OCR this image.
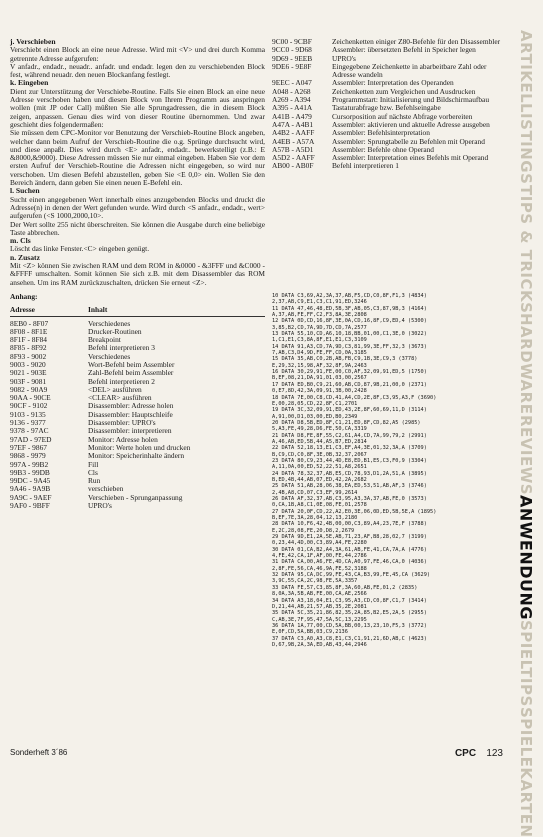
j. Verschieben

Verschiebt einen Block an eine neue Adresse. Wird mit <V> und drei durch Komma getrennte Adresse aufgerufen:

V anfadr., endadr., neuadr.. anfadr. und endadr. legen den zu verschiebenden Block fest, während neuadr. den neuen Blockanfang festlegt.

k. Eingeben

Dient zur Unterstützung der Verschiebe-Routine. Falls Sie einen Block an eine neue Adresse verschoben haben und diesen Block von Ihrem Programm aus anspringen wollen (mit JP oder Call) müßten Sie alle Sprungadressen, die in diesem Block zeigen, anpassen. Genau dies wird von dieser Routine übernommen. Und zwar geschieht dies folgendermaßen:

Sie müssen dem CPC-Monitor vor Benutzung der Verschieb-Routine Block angeben, welcher dann beim Aufruf der Verschieb-Routine die o.g. Sprünge durchsucht wird, und diese anpaßt. Dies wird durch <E> anfadr., endadr.. bewerkstelligt (z.B.: E &8000,&9000). Diese Adressen müssen Sie nur einmal eingeben. Haben Sie vor dem ersten Aufruf der Verschieb-Routine die Adressen nicht eingegeben, so wird nur verschoben. Um diesen Befehl abzustellen, geben Sie <E 0,0> ein. Wollen Sie den Bereich ändern, dann geben Sie einen neuen E-Befehl ein.

l. Suchen

Sucht einen angegebenen Wert innerhalb eines anzugebenden Blocks und druckt die Adresse(n) in denen der Wert gefunden wurde. Wird durch <S anfadr., endadr., wert> aufgerufen (<S 1000,2000,10>.

Der Wert sollte 255 nicht überschreiten. Sie können die Ausgabe durch eine beliebige Taste abbrechen.

m. Cls

Löscht das linke Fenster.<C> eingeben genügt.

n. Zusatz

Mit <Z> können Sie zwischen RAM und dem ROM in &0000 - &3FFF und &C000 - &FFFF umschalten. Somit können Sie sich z.B. mit dem Disassembler das ROM ansehen. Um ins RAM zurückzuschalten, drücken Sie erneut <Z>.

Anhang:

Adresse	Inhalt
8EB0 - 8F07	Verschiedenes
8F08 - 8F1E	Drucker-Routinen
8F1F - 8F84	Breakpoint
8F85 - 8F92	Befehl interpretieren 3
8F93 - 9002	Verschiedenes
9003 - 9020	Wort-Befehl beim Assembler
9021 - 903E	Zahl-Befehl beim Assembler
903F - 9081	Befehl interpretieren 2
9082 - 90A9	<DEL> ausführen
90AA - 90CE	<CLEAR> ausführen
90CF - 9102	Disassembler: Adresse holen
9103 - 9135	Disassembler: Hauptschleife
9136 - 9377	Disassembler: UPRO's
9378 - 97AC	Disassembler: interpretieren
97AD - 97ED	Monitor: Adresse holen
97EF - 9867	Monitor: Werte holen und drucken
9868 - 9979	Monitor: Speicherinhalte ändern
997A - 99B2	Fill
99B3 - 99DB	Cls
99DC - 9A45	Run
9A46 - 9A9B	verschieben
9A9C - 9AEF	Verschieben - Sprunganpassung
9AF0 - 9BFF	UPRO's
9C00 - 9CBF	Zeichenketten einiger Z80-Befehle für den Disassembler
9CC0 - 9D68	Assembler: übersetzten Befehl in Speicher legen
9D69 - 9EEB	UPRO's
9DE6 - 9E8F	Eingegebene Zeichenkette in abarbeitbare Zahl oder Adresse wandeln
9EEC - A047	Assembler: Interpretation des Operanden
A048 - A268	Zeichenketten zum Vergleichen und Ausdrucken
A269 - A394	Programmstart: Initialisierung und Bildschirmaufbau
A395 - A41A	Tastaturabfrage bzw. Befehlseingabe
A41B - A479	Cursorposition auf nächste Abfrage vorbereiten
A47A - A4B1	Assembler: aktivieren und aktuelle Adresse ausgeben
A4B2 - AAFF	Assembler: Befehlsinterpretation
A4EB - A57A	Assembler: Sprungtabelle zu Befehlen mit Operand
A57B - A5D1	Assembler: Befehle ohne Operand
A5D2 - AAFF	Assembler: Interpretation eines Befehls mit Operand
AB00 - AB0F	Befehl interpretieren 1
10 DATA C3,69,A2,3A,37,AB,F5,CD,C0,8F,F1,3 (4834)
2,37,AB,C9,E1,C3,C1,91,ED,3246
11 DATA 47,46,48,ED,5B,3F,AB,05,C3,87,9B,3 (4164)
A,37,AB,FE,FF,C2,F3,8A,3E,2808
12 DATA 0D,CD,16,8F,3E,0A,CD,16,8F,C9,ED,4 (5300)
3,85,B2,CD,7A,9D,7D,CD,7A,2577
13 DATA 55,10,CD,A6,10,18,BB,01,00,C1,3E,0 (3022)
1,C1,E1,C3,8A,8F,E1,E1,C3,3109
14 DATA 91,A3,CD,7A,9D,C3,81,99,3E,FF,32,3 (3673)
7,AB,C3,D4,9D,FE,FF,CD,0A,3185
15 DATA 35,AB,C0,2B,AB,FB,C9,1B,3E,C9,3 (3778)
E,29,32,15,98,AF,32,8F,9A,2463
16 DATA 30,29,91,FE,00,C0,AF,32,09,91,ED,5 (1750)
B,EF,08,21,DA,91,01,03,00,2567
17 DATA ED,B0,C9,21,60,AB,CD,87,9B,21,00,0 (2371)
0,E7,8D,42,3A,09,91,3B,00,2428
18 DATA 7E,00,C8,CD,41,A4,CD,2E,8F,C3,95,A3,F (3690)
E,00,28,05,CD,22,8F,C1,2701
19 DATA 3C,32,09,91,ED,43,2E,8F,60,69,11,D (3114)
A,91,00,D1,03,00,ED,B0,2349
20 DATA D8,5B,ED,8F,C1,21,ED,8F,CD,82,A5 (2985)
5,A3,FE,49,28,D6,FE,50,CA,3319
21 DATA D8,FE,8F,55,C2,61,A4,CD,7A,99,79,2 (2991)
A,46,AB,ED,5B,44,A5,B7,ED,2814
22 DATA 52,18,13,E1,C3,EF,A4,3E,01,32,3A,A (3709)
B,C9,CD,C0,8F,3E,0B,32,37,2067
23 DATA 80,C9,23,44,4D,E8,ED,B1,E5,C3,F0,9 (3304)
A,11,0A,00,ED,52,22,51,A8,2651
24 DATA 78,32,37,AB,E5,CD,78,93,D1,2A,51,A (3895)
B,ED,4B,44,AB,07,ED,42,2A,2682
25 DATA 51,AB,28,06,38,EA,ED,53,51,AB,AF,3 (3746)
2,4B,A8,CD,07,C3,EF,99,2614
26 DATA AF,32,37,AB,C3,95,A3,3A,37,AB,FE,0 (3573)
0,CA,1B,A8,C1,0E,08,FE,01,2578
27 DATA 20,0F,CD,22,A2,E0,3E,06,0D,ED,5B,5E,A (1895)
B,EF,7E,3A,28,04,12,13,2180
28 DATA 10,F6,42,4B,00,00,C3,89,A4,23,7E,F (3788)
E,2C,28,08,FE,20,D8,2,2679
29 DATA 9D,E1,2A,5E,AB,71,23,AF,B8,28,02,7 (3199)
0,23,44,4D,00,C3,89,A4,FE,2280
30 DATA 01,CA,B2,A4,3A,61,AB,FE,41,CA,7A,A (4776)
4,FE,42,CA,1F,AF,00,FE,44,2786
31 DATA CA,00,A6,FE,4D,CA,A0,97,FE,46,CA,0 (4036)
2,8F,FE,56,CA,46,9A,FE,52,3188
32 DATA 95,CA,DC,99,FE,43,CA,B3,99,FE,45,CA (3629)
3,9C,55,CA,2C,98,FE,5A,3357
33 DATA FE,57,C3,85,8F,3A,60,AB,FE,01,2 (2835)
8,0A,3A,5B,AB,FE,00,CA,AE,2566
34 DATA A3,18,04,E1,C3,95,A3,CD,C0,8F,C1,7 (3414)
D,21,44,AB,21,57,AB,35,2E,2081
35 DATA 5C,35,21,86,82,35,2A,85,B2,E5,2A,5 (2955)
C,AB,3E,7F,95,47,5A,5C,13,2295
36 DATA 1A,77,00,CD,5A,BB,00,13,23,10,F5,3 (3772)
E,0F,CD,5A,BB,03,C9,2136
37 DATA C3,A0,A3,C8,E1,C3,C1,91,21,6D,AB,C (4623)
D,67,9B,2A,3A,ED,AB,43,44,2946
ARTIKEL
LISTINGS
TIPS & TRICKS
HARDWARE
REVIEWS
ANWENDUNG
SPIELTIPS
SPIELEKARTEN
Sonderheft 3´86	CPC 123
